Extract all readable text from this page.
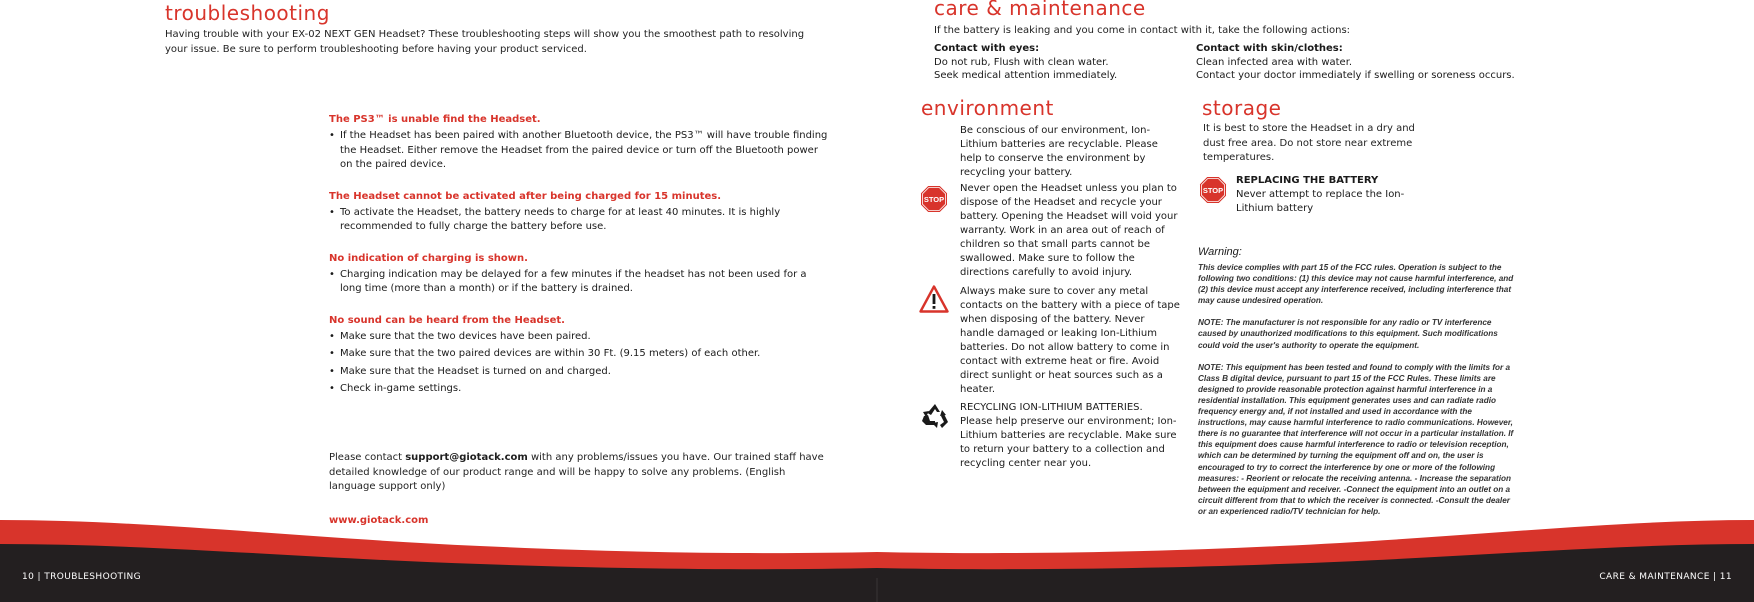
troubleshooting

Having trouble with your EX-02 NEXT GEN Headset? These troubleshooting steps will show you the smoothest path to resolving your issue. Be sure to perform troubleshooting before having your product serviced.

The PS3™ is unable find the Headset.
• If the Headset has been paired with another Bluetooth device, the PS3™ will have trouble finding the Headset. Either remove the Headset from the paired device or turn off the Bluetooth power on the paired device.
The Headset cannot be activated after being charged for 15 minutes.
• To activate the Headset, the battery needs to charge for at least 40 minutes. It is highly recommended to fully charge the battery before use.
No indication of charging is shown.
• Charging indication may be delayed for a few minutes if the headset has not been used for a long time (more than a month) or if the battery is drained.
No sound can be heard from the Headset.
• Make sure that the two devices have been paired.
• Make sure that the two paired devices are within 30 Ft. (9.15 meters) of each other.
• Make sure that the Headset is turned on and charged.
• Check in-game settings.

Please contact support@giotack.com with any problems/issues you have. Our trained staff have detailed knowledge of our product range and will be happy to solve any problems. (English language support only)

www.giotack.com
care & maintenance

If the battery is leaking and you come in contact with it, take the following actions:

Contact with eyes:

Do not rub, Flush with clean water.

Seek medical attention immediately.

Contact with skin/clothes:

Clean infected area with water.

Contact your doctor immediately if swelling or soreness occurs.

environment	storage

Be conscious of our environment, Ion-Lithium batteries are recyclable. Please help to conserve the environment by recycling your battery.

STOP

Never open the Headset unless you plan to dispose of the Headset and recycle your battery. Opening the Headset will void your warranty. Work in an area out of reach of children so that small parts cannot be swallowed. Make sure to follow the directions carefully to avoid injury.

Always make sure to cover any metal contacts on the battery with a piece of tape when disposing of the battery. Never handle damaged or leaking Ion-Lithium batteries. Do not allow battery to come in contact with extreme heat or fire. Avoid direct sunlight or heat sources such as a heater.

RECYCLING ION-LITHIUM BATTERIES.

Please help preserve our environment; Ion-Lithium batteries are recyclable. Make sure to return your battery to a collection and recycling center near you.

It is best to store the Headset in a dry and dust free area. Do not store near extreme temperatures.

STOP
REPLACING THE BATTERY

Never attempt to replace the Ion-Lithium battery

Warning:

This device complies with part 15 of the FCC rules. Operation is subject to the following two conditions: (1) this device may not cause harmful interference, and (2) this device must accept any interference received, including interference that may cause undesired operation.

NOTE: The manufacturer is not responsible for any radio or TV interference caused by unauthorized modifications to this equipment. Such modifications could void the user's authority to operate the equipment.

NOTE: This equipment has been tested and found to comply with the limits for a Class B digital device, pursuant to part 15 of the FCC Rules. These limits are designed to provide reasonable protection against harmful interference in a residential installation. This equipment generates uses and can radiate radio frequency energy and, if not installed and used in accordance with the instructions, may cause harmful interference to radio communications. However, there is no guarantee that interference will not occur in a particular installation. If this equipment does cause harmful interference to radio or television reception, which can be determined by turning the equipment off and on, the user is encouraged to try to correct the interference by one or more of the following measures: - Reorient or relocate the receiving antenna. - Increase the separation between the equipment and receiver. -Connect the equipment into an outlet on a circuit different from that to which the receiver is connected. -Consult the dealer or an experienced radio/TV technician for help.

10 | TROUBLESHOOTING	CARE & MAINTENANCE | 11
